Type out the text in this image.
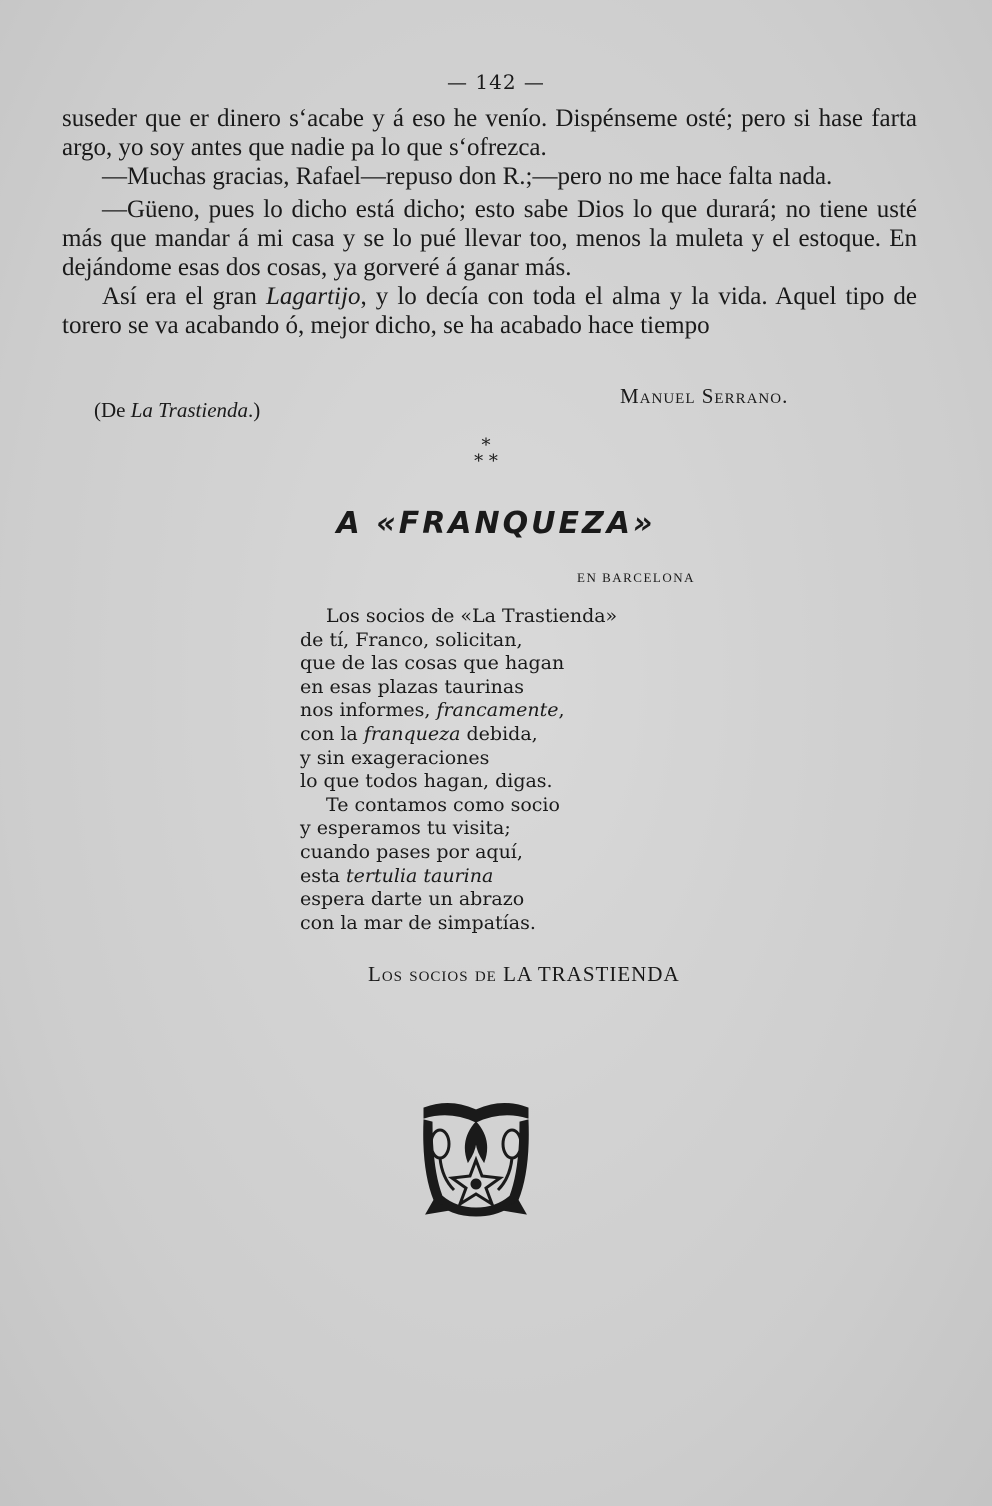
— 142 —

suseder que er dinero s‘acabe y á eso he venío. Dispénseme osté; pero si hase farta argo, yo soy antes que nadie pa lo que s‘ofrezca.

—Muchas gracias, Rafael—repuso don R.;—pero no me hace falta nada.

—Güeno, pues lo dicho está dicho; esto sabe Dios lo que durará; no tiene usté más que mandar á mi casa y se lo pué llevar too, menos la muleta y el estoque. En dejándome esas dos cosas, ya gorveré á ganar más.

Así era el gran Lagartijo, y lo decía con toda el alma y la vida. Aquel tipo de torero se va acabando ó, mejor dicho, se ha acabado hace tiempo

Manuel Serrano.
(De La Trastienda.)
*
* *
A «FRANQUEZA»
EN BARCELONA
Los socios de «La Trastienda»
de tí, Franco, solicitan,
que de las cosas que hagan
en esas plazas taurinas
nos informes, francamente,
con la franqueza debida,
y sin exageraciones
lo que todos hagan, digas.
Te contamos como socio
y esperamos tu visita;
cuando pases por aquí,
esta tertulia taurina
espera darte un abrazo
con la mar de simpatías.
Los socios de LA TRASTIENDA
